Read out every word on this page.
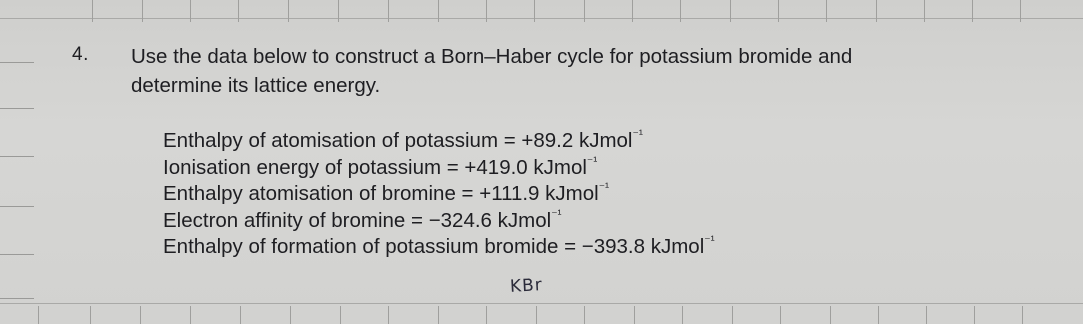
4. Use the data below to construct a Born–Haber cycle for potassium bromide and
determine its lattice energy.
Enthalpy of atomisation of potassium = +89.2 kJmol$^{^{-1}}$
Ionisation energy of potassium = +419.0 kJmol$^{^{-1}}$
Enthalpy atomisation of bromine = +111.9 kJmol$^{^{-1}}$
Electron affinity of bromine = −324.6 kJmol$^{^{-1}}$
Enthalpy of formation of potassium bromide = −393.8 kJmol$^{^{-1}}$
KBr
